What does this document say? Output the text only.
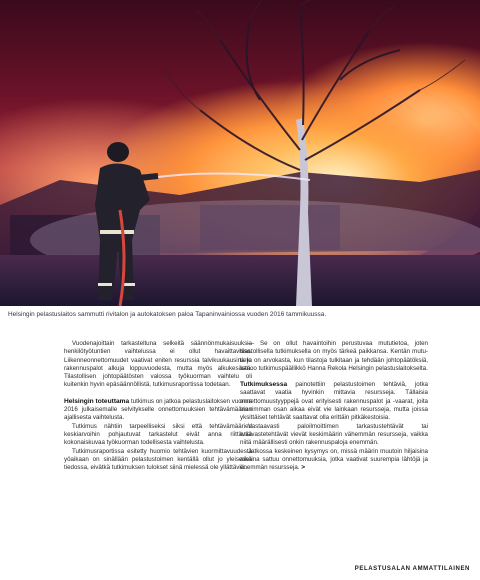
Helsingin pelastuslaitos sammutti rivitalon ja autokatoksen paloa Tapaninvainiossa vuoden 2016 tammikuussa.

Vuodenajoittain tarkasteltuna selkeitä säännönmukaisuuksia henkilötyötuntien vaihtelussa ei ollut havaittavissa. Liikenneonnettomuudet vaativat eniten resurssia talvikuukausina ja rakennuspalot alkuja loppuvuodesta, mutta myös alkukesästä. Tilastollisen johtopäätösten valossa työkuorman vaihtelu oli kuitenkin hyvin epäsäännöllistä, tutkimusraportissa todetaan.

Helsingin toteuttama tutkimus on jatkoa pelastuslaitoksen vuonna 2016 julkaisemalle selvitykselle onnettomuuksien tehtävämäärien ajallisesta vaihtelusta.

Tutkimus nähtiin tarpeelliseksi siksi että tehtävämäärien keskiarvoihin pohjautuvat tarkastelut eivät anna riittävää kokonaiskuvaa työkuorman todellisesta vaihtelusta.

Tutkimusraportissa esitetty huomio tehtävien kuormittavuudesta yöaikaan on sinällään pelastustoimen kentällä ollut jo yleisessä tiedossa, eivätkä tutkimuksen tulokset siinä mielessä ole yllättäviä.

— Se on ollut havaintoihin perustuvaa mututietoa, joten tilastollisella tutkimuksella on myös tärkeä paikkansa. Kentän mutu-tieto on arvokasta, kun tilastoja tulkitaan ja tehdään johtopäätöksiä, sanoo tutkimuspäällikkö Hanna Rekola Helsingin pelastuslaitokselta.

Tutkimuksessa painotettiin pelastustoimen tehtäviä, jotka saattavat vaatia hyvinkin mittavia resursseja. Tällaisia onnettomuustyyppejä ovat erityisesti rakennuspalot ja -vaarat, joita suurimman osan aikaa eivät vie lainkaan resursseja, mutta joissa yksittäiset tehtävät saattavat olla erittäin pitkäkestoisia.

Vastaavasti paloilmoittimen tarkastustehtävät tai ensivastetehtävät vievät keskimäärin vähemmän resursseja, vaikka niitä määrällisesti onkin rakennuspaloja enemmän.

Jatkossa keskeinen kysymys on, missä määrin muutoin hiljaisina aikoina sattuu onnettomuuksia, jotka vaativat suurempia lähtöjä ja enemmän resursseja. >

PELASTUSALAN AMMATTILAINEN
